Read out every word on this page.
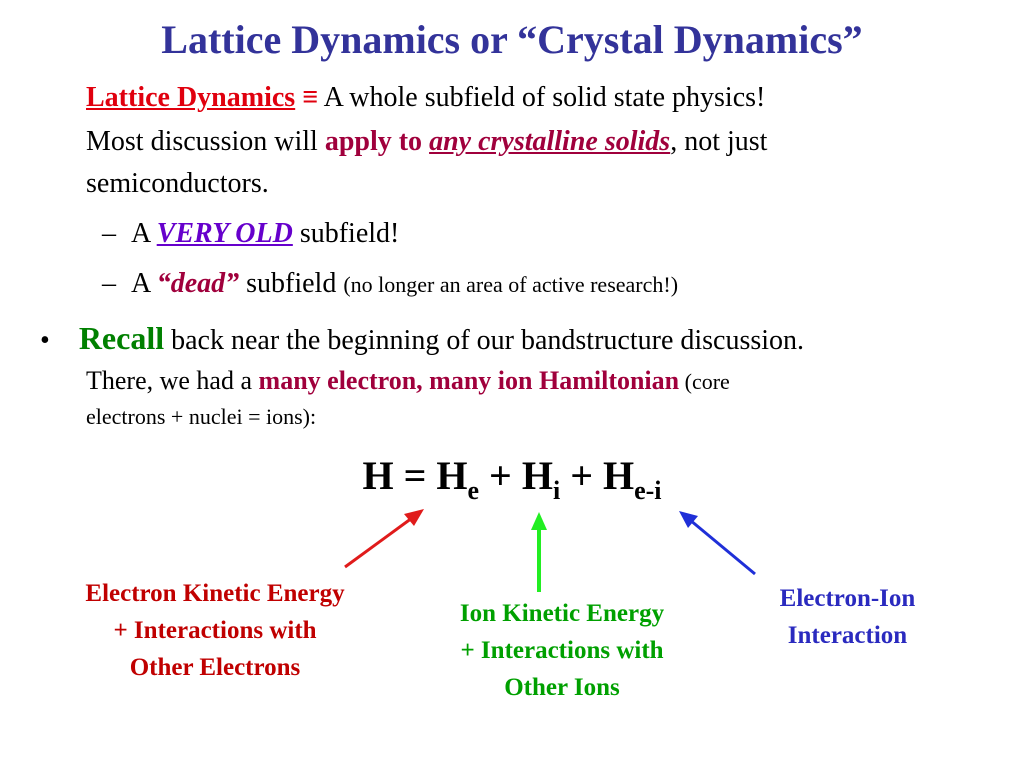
Lattice Dynamics or “Crystal Dynamics”
Lattice Dynamics ≡ A whole subfield of solid state physics!
Most discussion will apply to any crystalline solids, not just
semiconductors.
– A VERY OLD subfield!
– A “dead” subfield (no longer an area of active research!)
• Recall back near the beginning of our bandstructure discussion.
There, we had a many electron, many ion Hamiltonian (core
electrons + nuclei = ions):
$H = H_e + H_i + H_{e-i}$
Electron Kinetic Energy
+ Interactions with
Other Electrons
Ion Kinetic Energy
+ Interactions with
Other Ions
Electron-Ion
Interaction
